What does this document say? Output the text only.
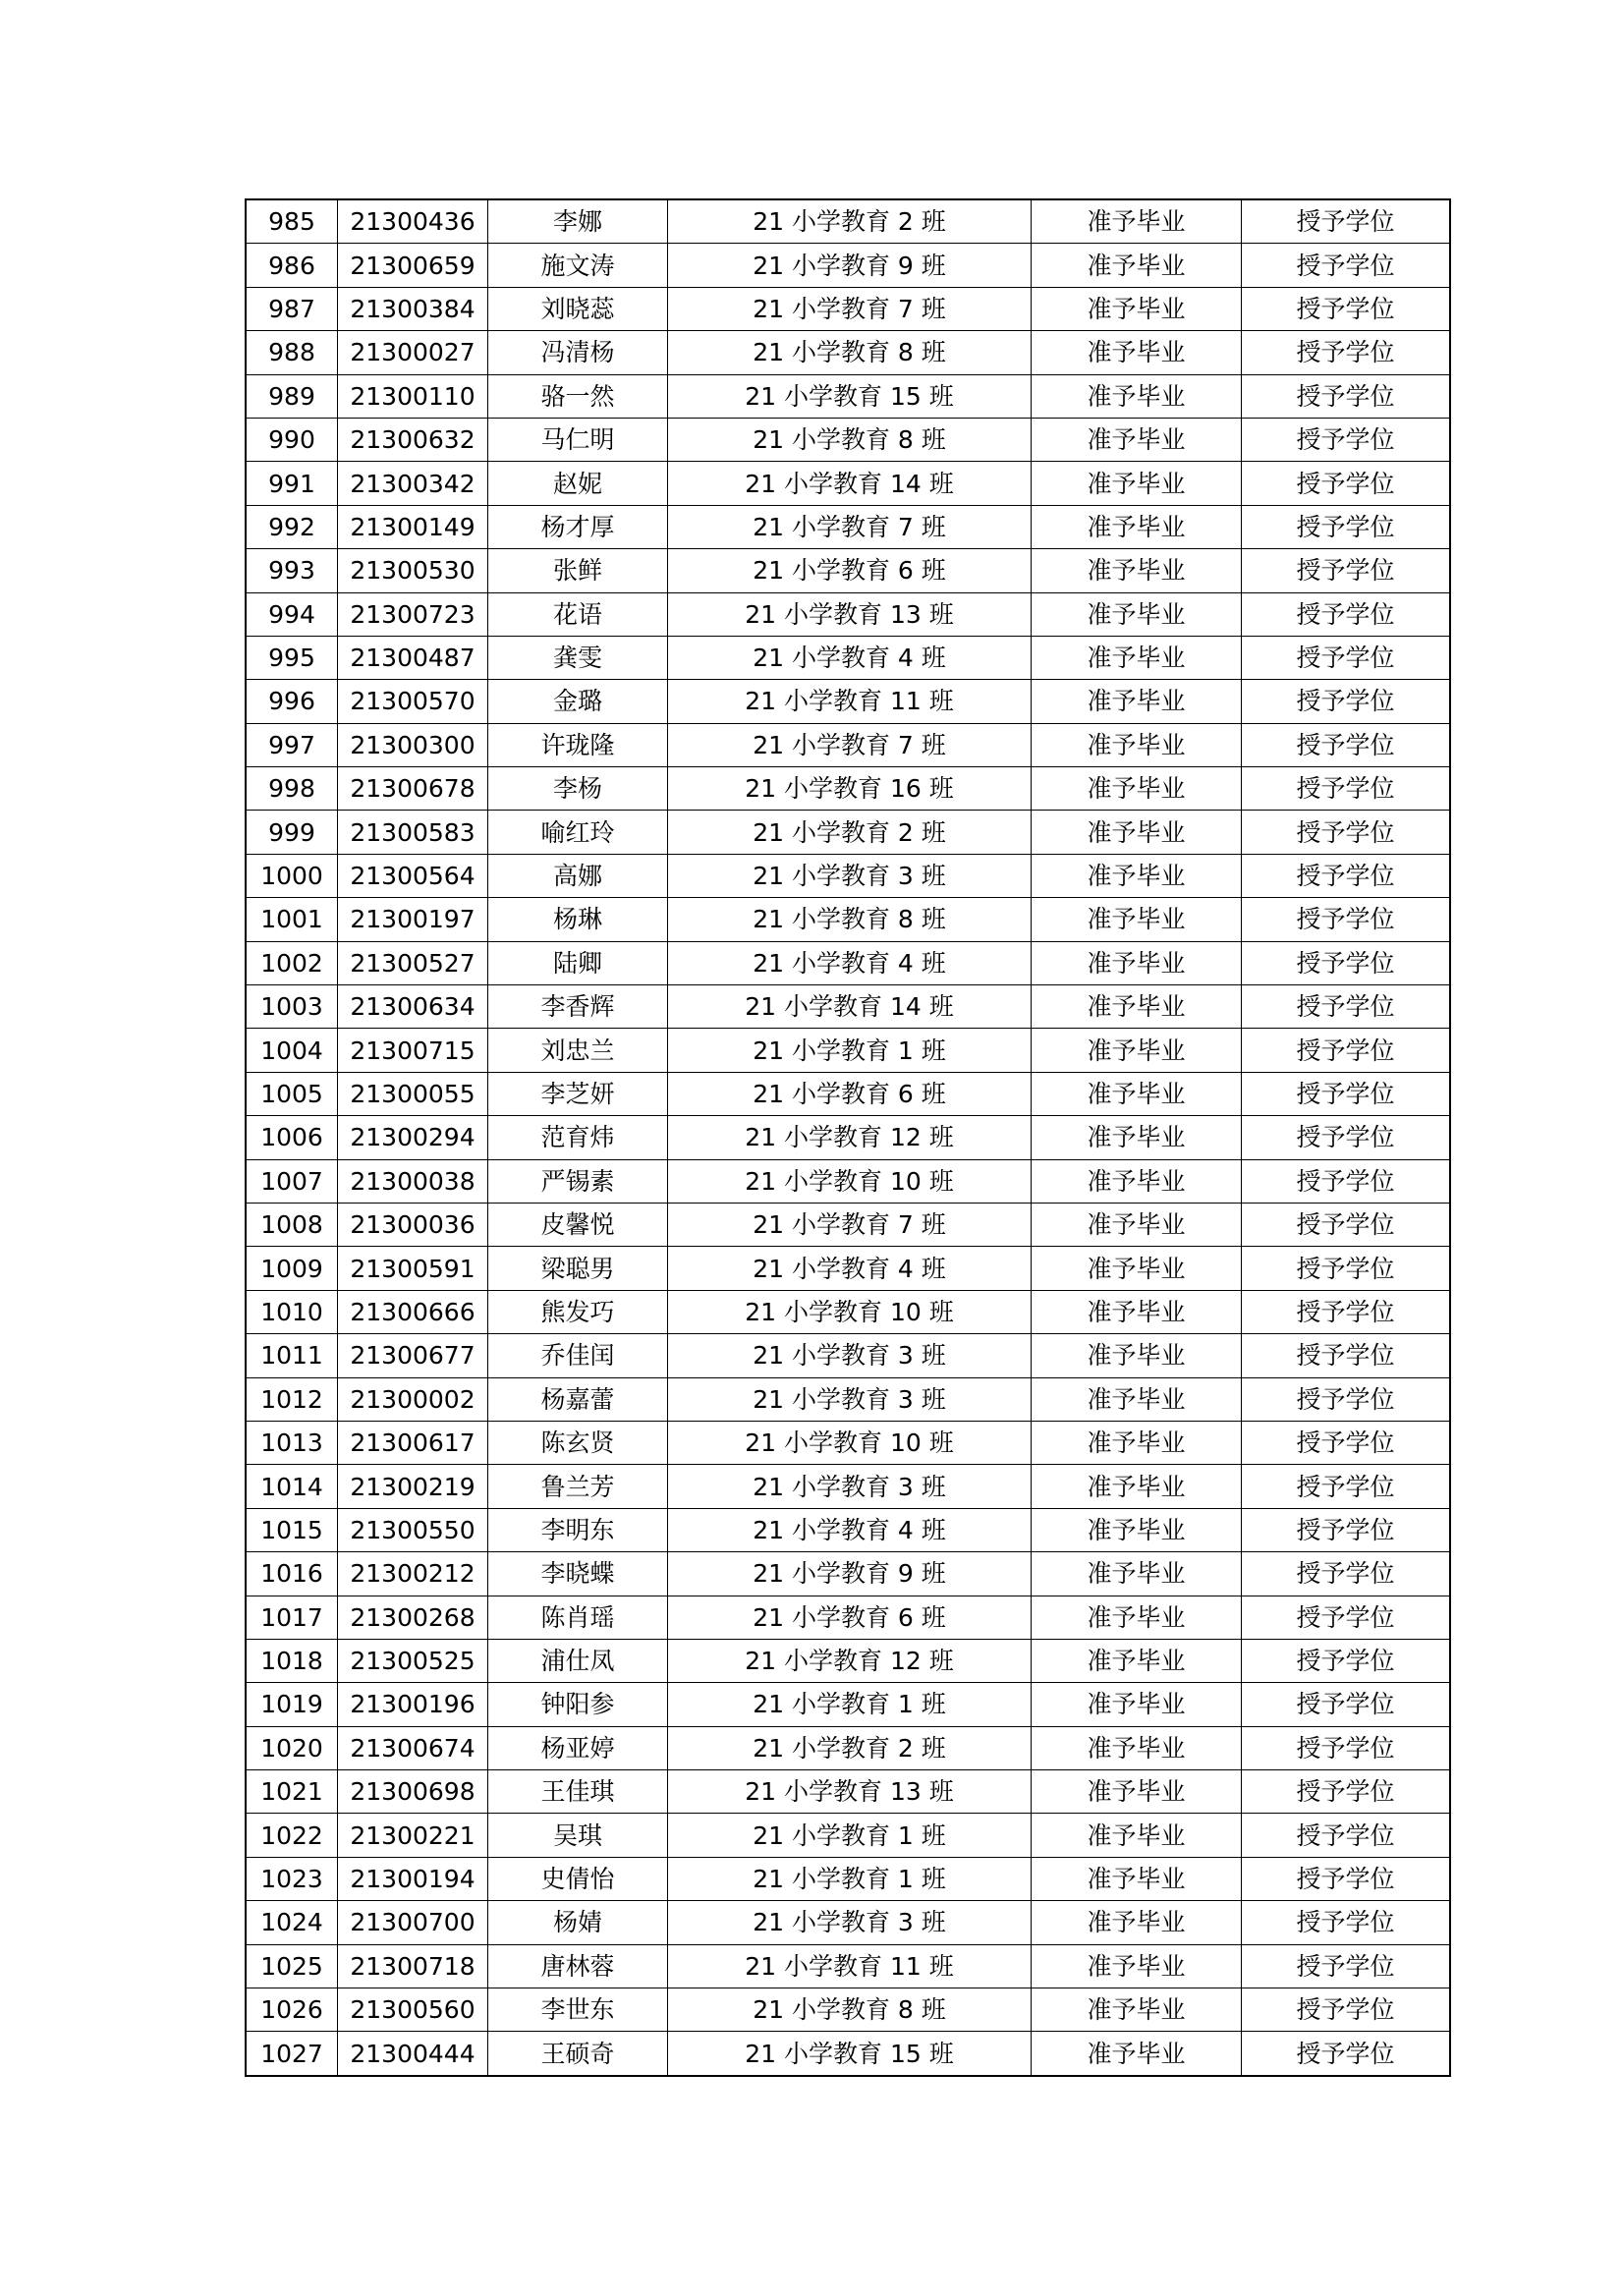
985	21300436	李娜	21 小学教育 2 班	准予毕业	授予学位
986	21300659	施文涛	21 小学教育 9 班	准予毕业	授予学位
987	21300384	刘晓蕊	21 小学教育 7 班	准予毕业	授予学位
988	21300027	冯清杨	21 小学教育 8 班	准予毕业	授予学位
989	21300110	骆一然	21 小学教育 15 班	准予毕业	授予学位
990	21300632	马仁明	21 小学教育 8 班	准予毕业	授予学位
991	21300342	赵妮	21 小学教育 14 班	准予毕业	授予学位
992	21300149	杨才厚	21 小学教育 7 班	准予毕业	授予学位
993	21300530	张鲜	21 小学教育 6 班	准予毕业	授予学位
994	21300723	花语	21 小学教育 13 班	准予毕业	授予学位
995	21300487	龚雯	21 小学教育 4 班	准予毕业	授予学位
996	21300570	金璐	21 小学教育 11 班	准予毕业	授予学位
997	21300300	许珑隆	21 小学教育 7 班	准予毕业	授予学位
998	21300678	李杨	21 小学教育 16 班	准予毕业	授予学位
999	21300583	喻红玲	21 小学教育 2 班	准予毕业	授予学位
1000	21300564	高娜	21 小学教育 3 班	准予毕业	授予学位
1001	21300197	杨琳	21 小学教育 8 班	准予毕业	授予学位
1002	21300527	陆卿	21 小学教育 4 班	准予毕业	授予学位
1003	21300634	李香辉	21 小学教育 14 班	准予毕业	授予学位
1004	21300715	刘忠兰	21 小学教育 1 班	准予毕业	授予学位
1005	21300055	李芝妍	21 小学教育 6 班	准予毕业	授予学位
1006	21300294	范育炜	21 小学教育 12 班	准予毕业	授予学位
1007	21300038	严锡素	21 小学教育 10 班	准予毕业	授予学位
1008	21300036	皮馨悦	21 小学教育 7 班	准予毕业	授予学位
1009	21300591	梁聪男	21 小学教育 4 班	准予毕业	授予学位
1010	21300666	熊发巧	21 小学教育 10 班	准予毕业	授予学位
1011	21300677	乔佳闰	21 小学教育 3 班	准予毕业	授予学位
1012	21300002	杨嘉蕾	21 小学教育 3 班	准予毕业	授予学位
1013	21300617	陈玄贤	21 小学教育 10 班	准予毕业	授予学位
1014	21300219	鲁兰芳	21 小学教育 3 班	准予毕业	授予学位
1015	21300550	李明东	21 小学教育 4 班	准予毕业	授予学位
1016	21300212	李晓蝶	21 小学教育 9 班	准予毕业	授予学位
1017	21300268	陈肖瑶	21 小学教育 6 班	准予毕业	授予学位
1018	21300525	浦仕凤	21 小学教育 12 班	准予毕业	授予学位
1019	21300196	钟阳参	21 小学教育 1 班	准予毕业	授予学位
1020	21300674	杨亚婷	21 小学教育 2 班	准予毕业	授予学位
1021	21300698	王佳琪	21 小学教育 13 班	准予毕业	授予学位
1022	21300221	吴琪	21 小学教育 1 班	准予毕业	授予学位
1023	21300194	史倩怡	21 小学教育 1 班	准予毕业	授予学位
1024	21300700	杨婧	21 小学教育 3 班	准予毕业	授予学位
1025	21300718	唐林蓉	21 小学教育 11 班	准予毕业	授予学位
1026	21300560	李世东	21 小学教育 8 班	准予毕业	授予学位
1027	21300444	王硕奇	21 小学教育 15 班	准予毕业	授予学位
